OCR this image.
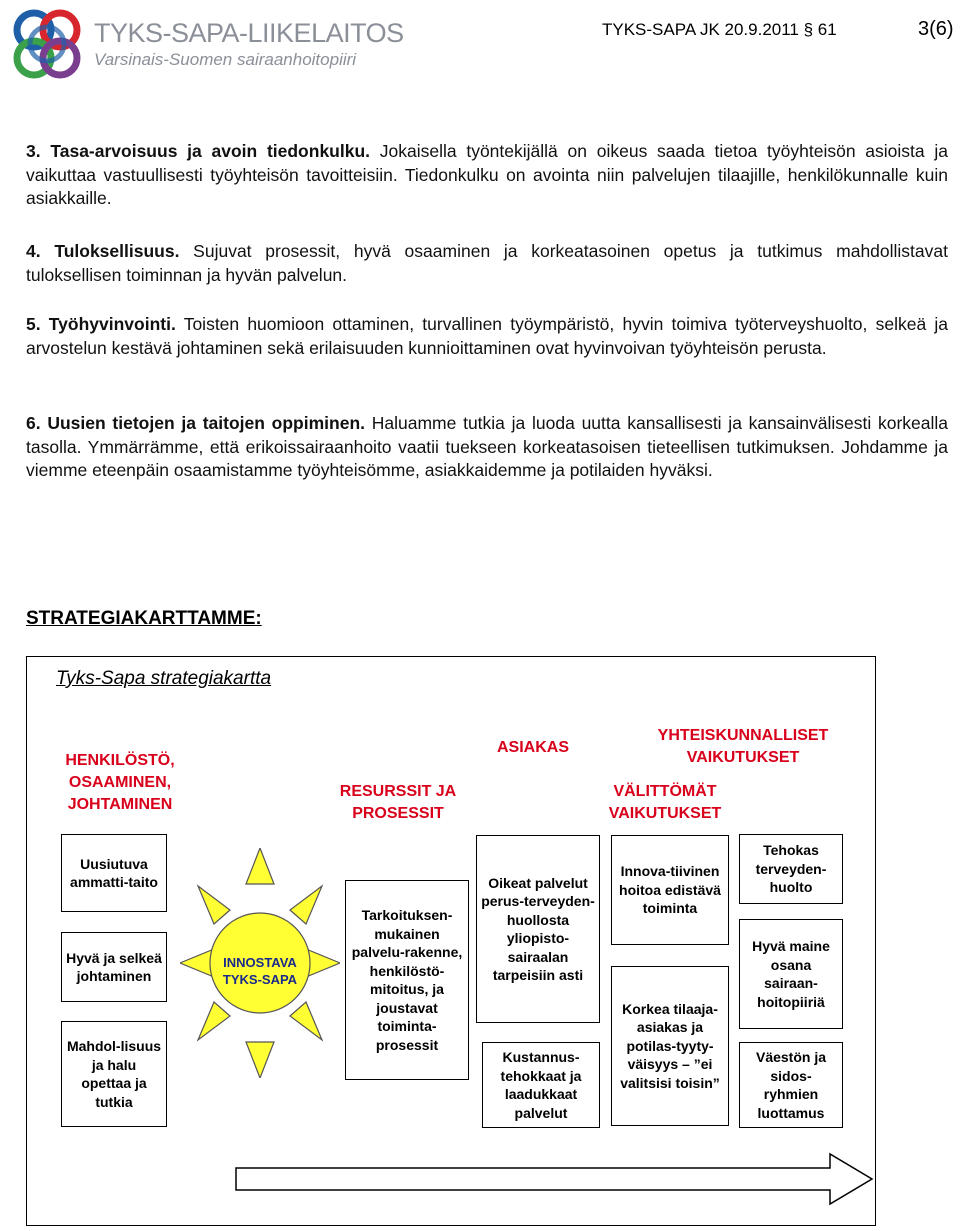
TYKS-SAPA-LIIKELAITOS
Varsinais-Suomen sairaanhoitopiiri
TYKS-SAPA JK 20.9.2011 § 61	3(6)
3. Tasa-arvoisuus ja avoin tiedonkulku. Jokaisella työntekijällä on oikeus saada tietoa työyhteisön asioista ja vaikuttaa vastuullisesti työyhteisön tavoitteisiin. Tiedonkulku on avointa niin palvelujen tilaajille, henkilökunnalle kuin asiakkaille.
4. Tuloksellisuus. Sujuvat prosessit, hyvä osaaminen ja korkeatasoinen opetus ja tutkimus mahdollistavat tuloksellisen toiminnan ja hyvän palvelun.
5. Työhyvinvointi. Toisten huomioon ottaminen, turvallinen työympäristö, hyvin toimiva työterveyshuolto, selkeä ja arvostelun kestävä johtaminen sekä erilaisuuden kunnioittaminen ovat hyvinvoivan työyhteisön perusta.
6. Uusien tietojen ja taitojen oppiminen. Haluamme tutkia ja luoda uutta kansallisesti ja kansainvälisesti korkealla tasolla. Ymmärrämme, että erikoissairaanhoito vaatii tuekseen korkeatasoisen tieteellisen tutkimuksen. Johdamme ja viemme eteenpäin osaamistamme työyhteisömme, asiakkaidemme ja potilaiden hyväksi.
STRATEGIAKARTTAMME:
Tyks-Sapa strategiakartta
HENKILÖSTÖ, OSAAMINEN, JOHTAMINEN
RESURSSIT JA PROSESSIT
ASIAKAS
VÄLITTÖMÄT VAIKUTUKSET
YHTEISKUNNALLISET VAIKUTUKSET
Uusiutuva ammatti-taito
Hyvä ja selkeä johtaminen
Mahdol-lisuus ja halu opettaa ja tutkia
Tarkoituksen-mukainen palvelu-rakenne, henkilöstö-mitoitus, ja joustavat toiminta-prosessit
Oikeat palvelut perus-terveyden-huollosta yliopisto-sairaalan tarpeisiin asti
Kustannus-tehokkaat ja laadukkaat palvelut
Innova-tiivinen hoitoa edistävä toiminta
Korkea tilaaja-asiakas ja potilas-tyyty-väisyys – ”ei valitsisi toisin”
Tehokas terveyden-huolto
Hyvä maine osana sairaan-hoitopiiriä
Väestön ja sidos-ryhmien luottamus
INNOSTAVA TYKS-SAPA
